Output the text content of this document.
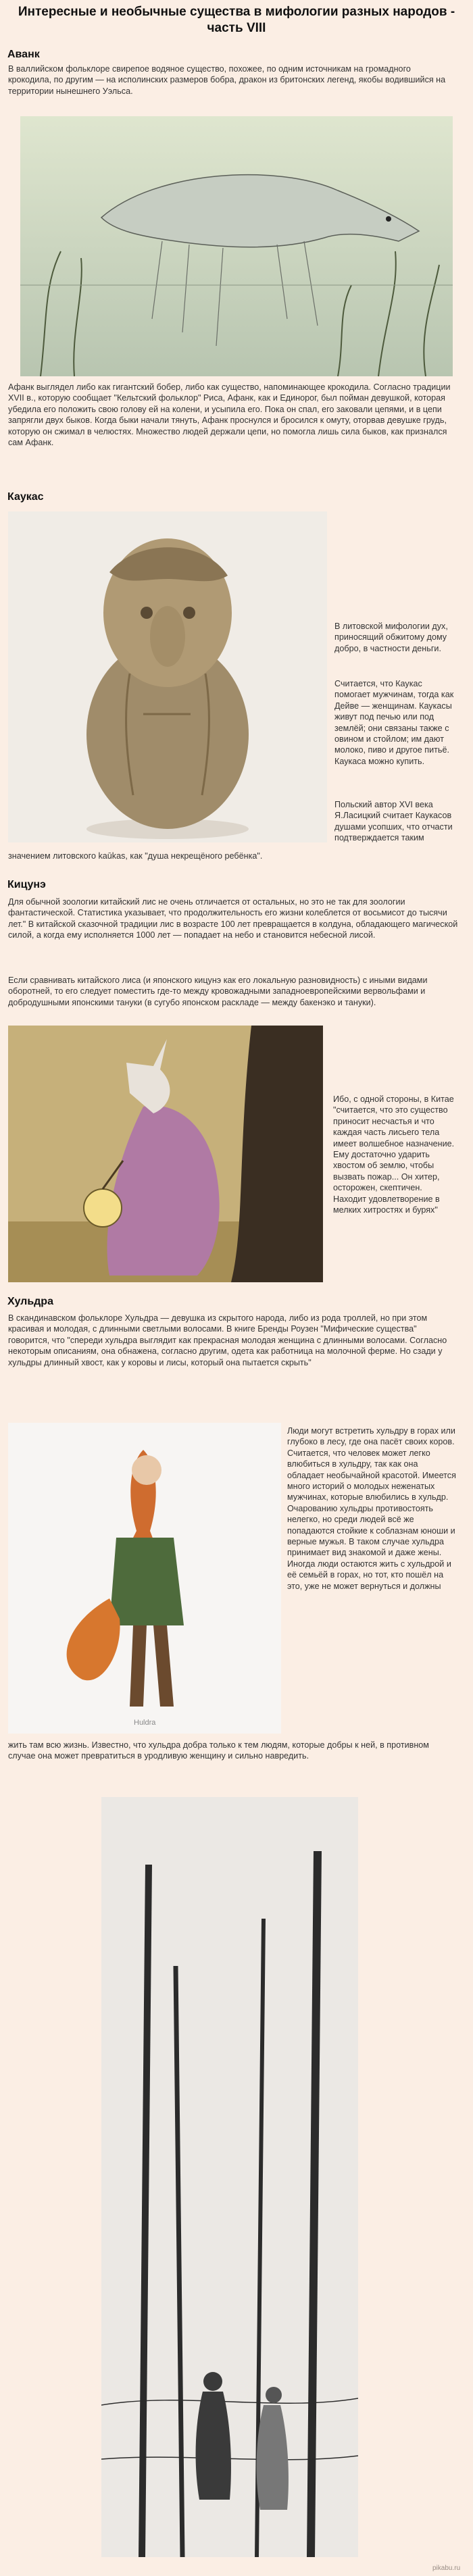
Интересные и необычные существа в мифологии разных народов - часть VIII
Аванк

В валлийском фольклоре свирепое водяное существо, похожее, по одним источникам на громадного крокодила, по другим — на исполинских размеров бобра, дракон из бритонских легенд, якобы водившийся на территории нынешнего Уэльса.

Афанк выглядел либо как гигантский бобер, либо как существо, напоминающее крокодила. Согласно традиции XVII в., которую сообщает "Кельтский фольклор" Риса, Афанк, как и Единорог, был пойман девушкой, которая убедила его положить свою голову ей на колени, и усыпила его. Пока он спал, его заковали цепями, и в цепи запрягли двух быков. Когда быки начали тянуть, Афанк проснулся и бросился к омуту, оторвав девушке грудь, которую он сжимал в челюстях. Множество людей держали цепи, но помогла лишь сила быков, как признался сам Афанк.

Каукас

В литовской мифологии дух, приносящий обжитому дому добро, в частности деньги.

Считается, что Каукас помогает мужчинам, тогда как Дейве — женщинам. Каукасы живут под печью или под землёй; они связаны также с овином и стойлом; им дают молоко, пиво и другое питьё. Каукаса можно купить.

Польский автор XVI века Я.Ласицкий считает Каукасов душами усопших, что отчасти подтверждается таким

значением литовского kaūkas, как "душа некрещёного ребёнка".

Кицунэ

Для обычной зоологии китайский лис не очень отличается от остальных, но это не так для зоологии фантастической. Статистика указывает, что продолжительность его жизни колеблется от восьмисот до тысячи лет." В китайской сказочной традиции лис в возрасте 100 лет превращается в колдуна, обладающего магической силой, а когда ему исполняется 1000 лет — попадает на небо и становится небесной лисой.

Если сравнивать китайского лиса (и японского кицунэ как его локальную разновидность) с иными видами оборотней, то его следует поместить где-то между кровожадными западноевропейскими вервольфами и добродушными японскими тануки (в сугубо японском раскладе — между бакенэко и тануки).

Ибо, с одной стороны, в Китае "считается, что это существо приносит несчастья и что каждая часть лисьего тела имеет волшебное назначение. Ему достаточно ударить хвостом об землю, чтобы вызвать пожар... Он хитер, осторожен, скептичен. Находит удовлетворение в мелких хитростях и бурях"

Хульдра

В скандинавском фольклоре Хульдра — девушка из скрытого народа, либо из рода троллей, но при этом красивая и молодая, с длинными светлыми волосами. В книге Бренды Роузен "Мифические существа" говорится, что "спереди хульдра выглядит как прекрасная молодая женщина с длинными волосами. Согласно некоторым описаниям, она обнажена, согласно другим, одета как работница на молочной ферме. Но сзади у хульдры длинный хвост, как у коровы и лисы, который она пытается скрыть"

Huldra

Люди могут встретить хульдру в горах или глубоко в лесу, где она пасёт своих коров. Считается, что человек может легко влюбиться в хульдру, так как она обладает необычайной красотой. Имеется много историй о молодых неженатых мужчинах, которые влюбились в хульдр. Очарованию хульдры противостоять нелегко, но среди людей всё же попадаются стойкие к соблазнам юноши и верные мужья. В таком случае хульдра принимает вид знакомой и даже жены. Иногда люди остаются жить с хульдрой и её семьёй в горах, но тот, кто пошёл на это, уже не может вернуться и должны

жить там всю жизнь. Известно, что хульдра добра только к тем людям, которые добры к ней, в противном случае она может превратиться в уродливую женщину и сильно навредить.

pikabu.ru
